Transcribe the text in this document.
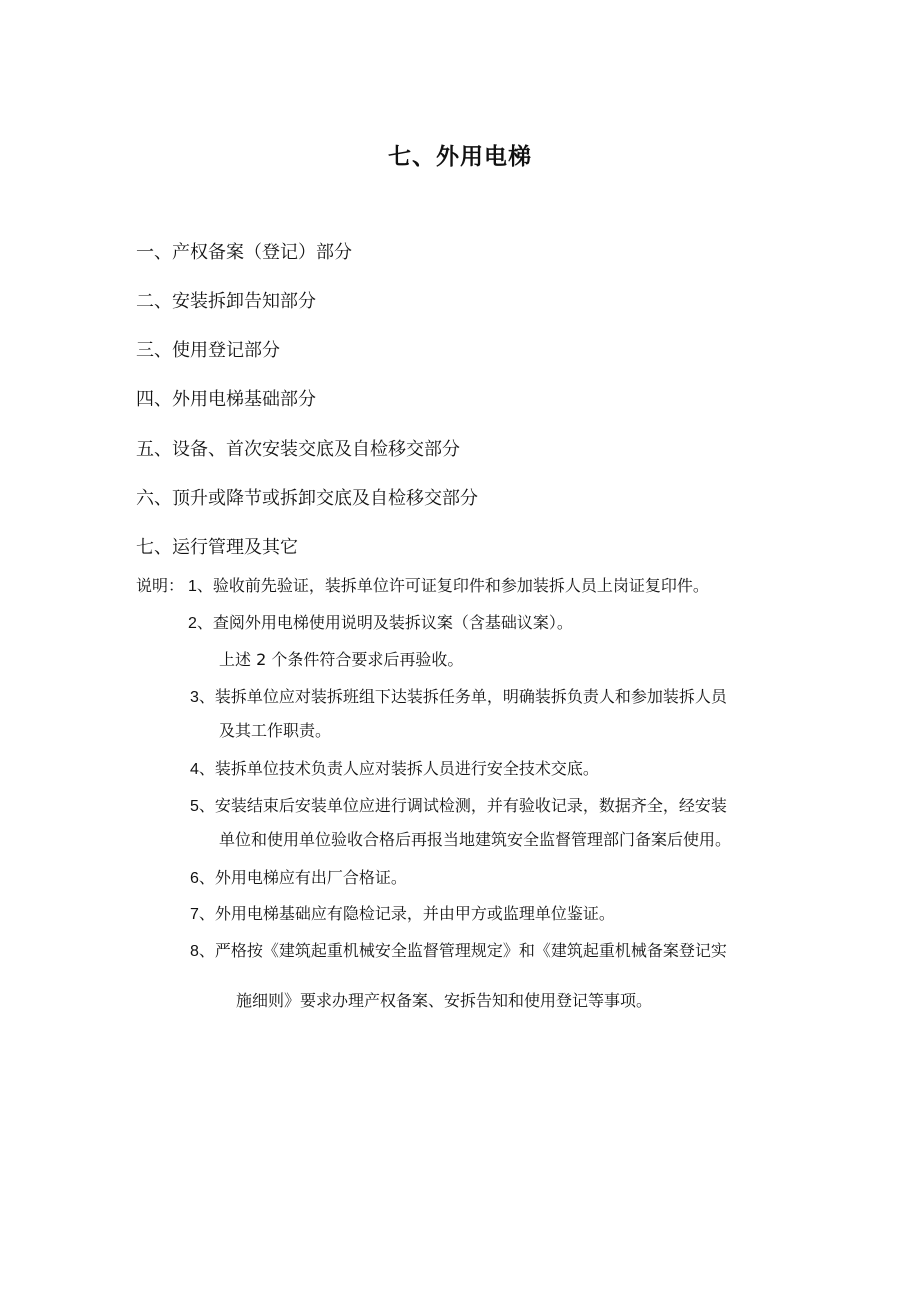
七、外用电梯
一、产权备案（登记）部分
二、安装拆卸告知部分
三、使用登记部分
四、外用电梯基础部分
五、设备、首次安装交底及自检移交部分
六、顶升或降节或拆卸交底及自检移交部分
七、运行管理及其它
说明： 1、验收前先验证，装拆单位许可证复印件和参加装拆人员上岗证复印件。
2、查阅外用电梯使用说明及装拆议案（含基础议案）。
上述 2 个条件符合要求后再验收。
3、装拆单位应对装拆班组下达装拆任务单，明确装拆负责人和参加装拆人员
及其工作职责。
4、装拆单位技术负责人应对装拆人员进行安全技术交底。
5、安装结束后安装单位应进行调试检测，并有验收记录，数据齐全，经安装
单位和使用单位验收合格后再报当地建筑安全监督管理部门备案后使用。
6、外用电梯应有出厂合格证。
7、外用电梯基础应有隐检记录，并由甲方或监理单位鉴证。
8、严格按《建筑起重机械安全监督管理规定》和《建筑起重机械备案登记实
施细则》要求办理产权备案、安拆告知和使用登记等事项。
